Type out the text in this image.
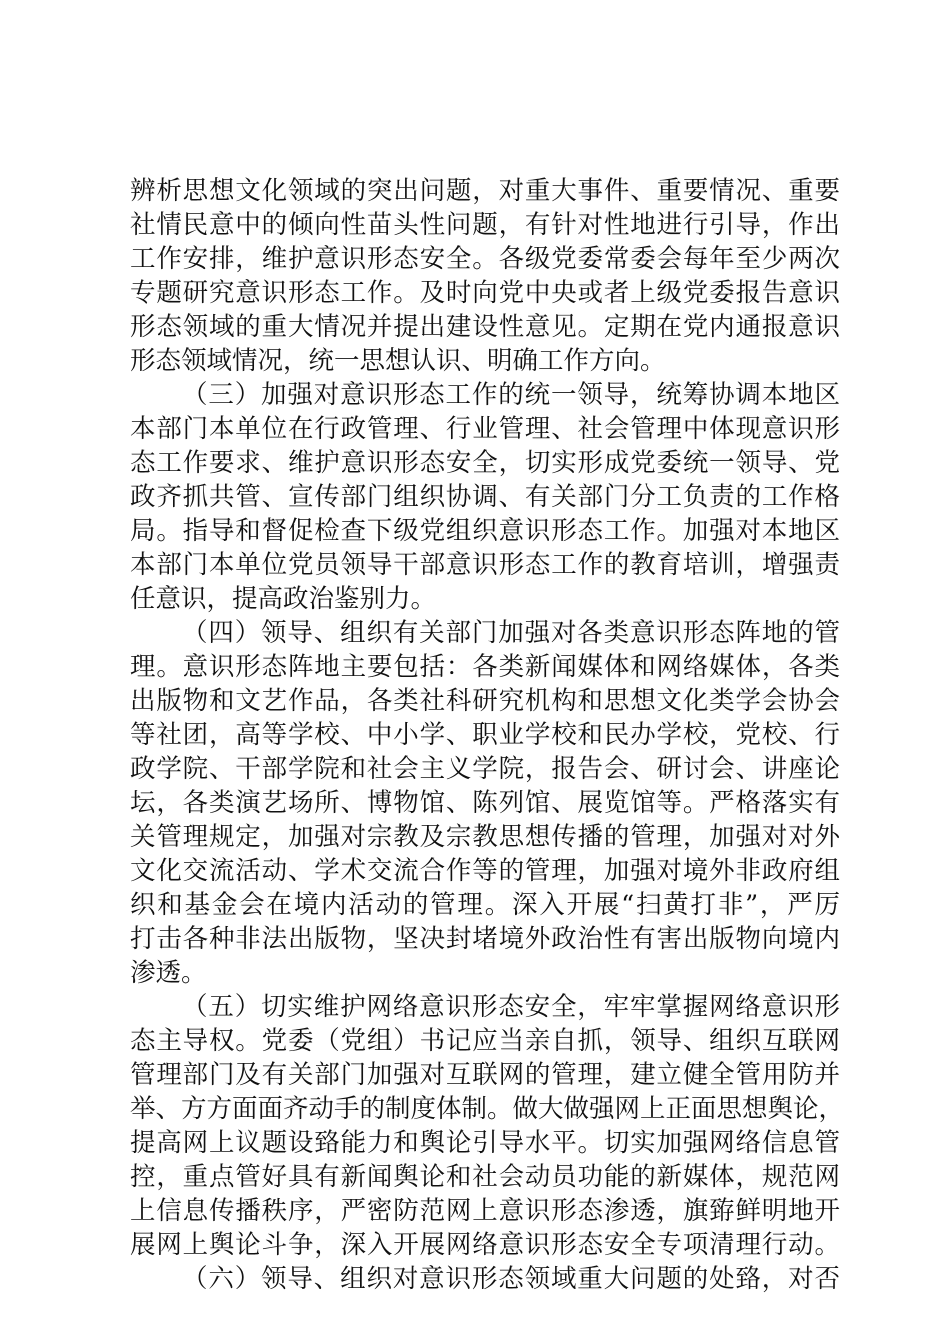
辨析思想文化领域的突出问题，对重大事件、重要情况、重要
社情民意中的倾向性苗头性问题，有针对性地进行引导，作出
工作安排，维护意识形态安全。各级党委常委会每年至少两次
专题研究意识形态工作。及时向党中央或者上级党委报告意识
形态领域的重大情况并提出建设性意见。定期在党内通报意识
形态领域情况，统一思想认识、明确工作方向。
（三）加强对意识形态工作的统一领导，统筹协调本地区
本部门本单位在行政管理、行业管理、社会管理中体现意识形
态工作要求、维护意识形态安全，切实形成党委统一领导、党
政齐抓共管、宣传部门组织协调、有关部门分工负责的工作格
局。指导和督促检查下级党组织意识形态工作。加强对本地区
本部门本单位党员领导干部意识形态工作的教育培训，增强责
任意识，提高政治鉴别力。
（四）领导、组织有关部门加强对各类意识形态阵地的管
理。意识形态阵地主要包括：各类新闻媒体和网络媒体，各类
出版物和文艺作品，各类社科研究机构和思想文化类学会协会
等社团，高等学校、中小学、职业学校和民办学校，党校、行
政学院、干部学院和社会主义学院，报告会、研讨会、讲座论
坛，各类演艺场所、博物馆、陈列馆、展览馆等。严格落实有
关管理规定，加强对宗教及宗教思想传播的管理，加强对对外
文化交流活动、学术交流合作等的管理，加强对境外非政府组
织和基金会在境内活动的管理。深入开展“扫黄打非”，严厉
打击各种非法出版物，坚决封堵境外政治性有害出版物向境内
渗透。
（五）切实维护网络意识形态安全，牢牢掌握网络意识形
态主导权。党委（党组）书记应当亲自抓，领导、组织互联网
管理部门及有关部门加强对互联网的管理，建立健全管用防并
举、方方面面齐动手的制度体制。做大做强网上正面思想舆论，
提高网上议题设臵能力和舆论引导水平。切实加强网络信息管
控，重点管好具有新闻舆论和社会动员功能的新媒体，规范网
上信息传播秩序，严密防范网上意识形态渗透，旗臶鲜明地开
展网上舆论斗争，深入开展网络意识形态安全专项清理行动。
（六）领导、组织对意识形态领域重大问题的处臵，对否
